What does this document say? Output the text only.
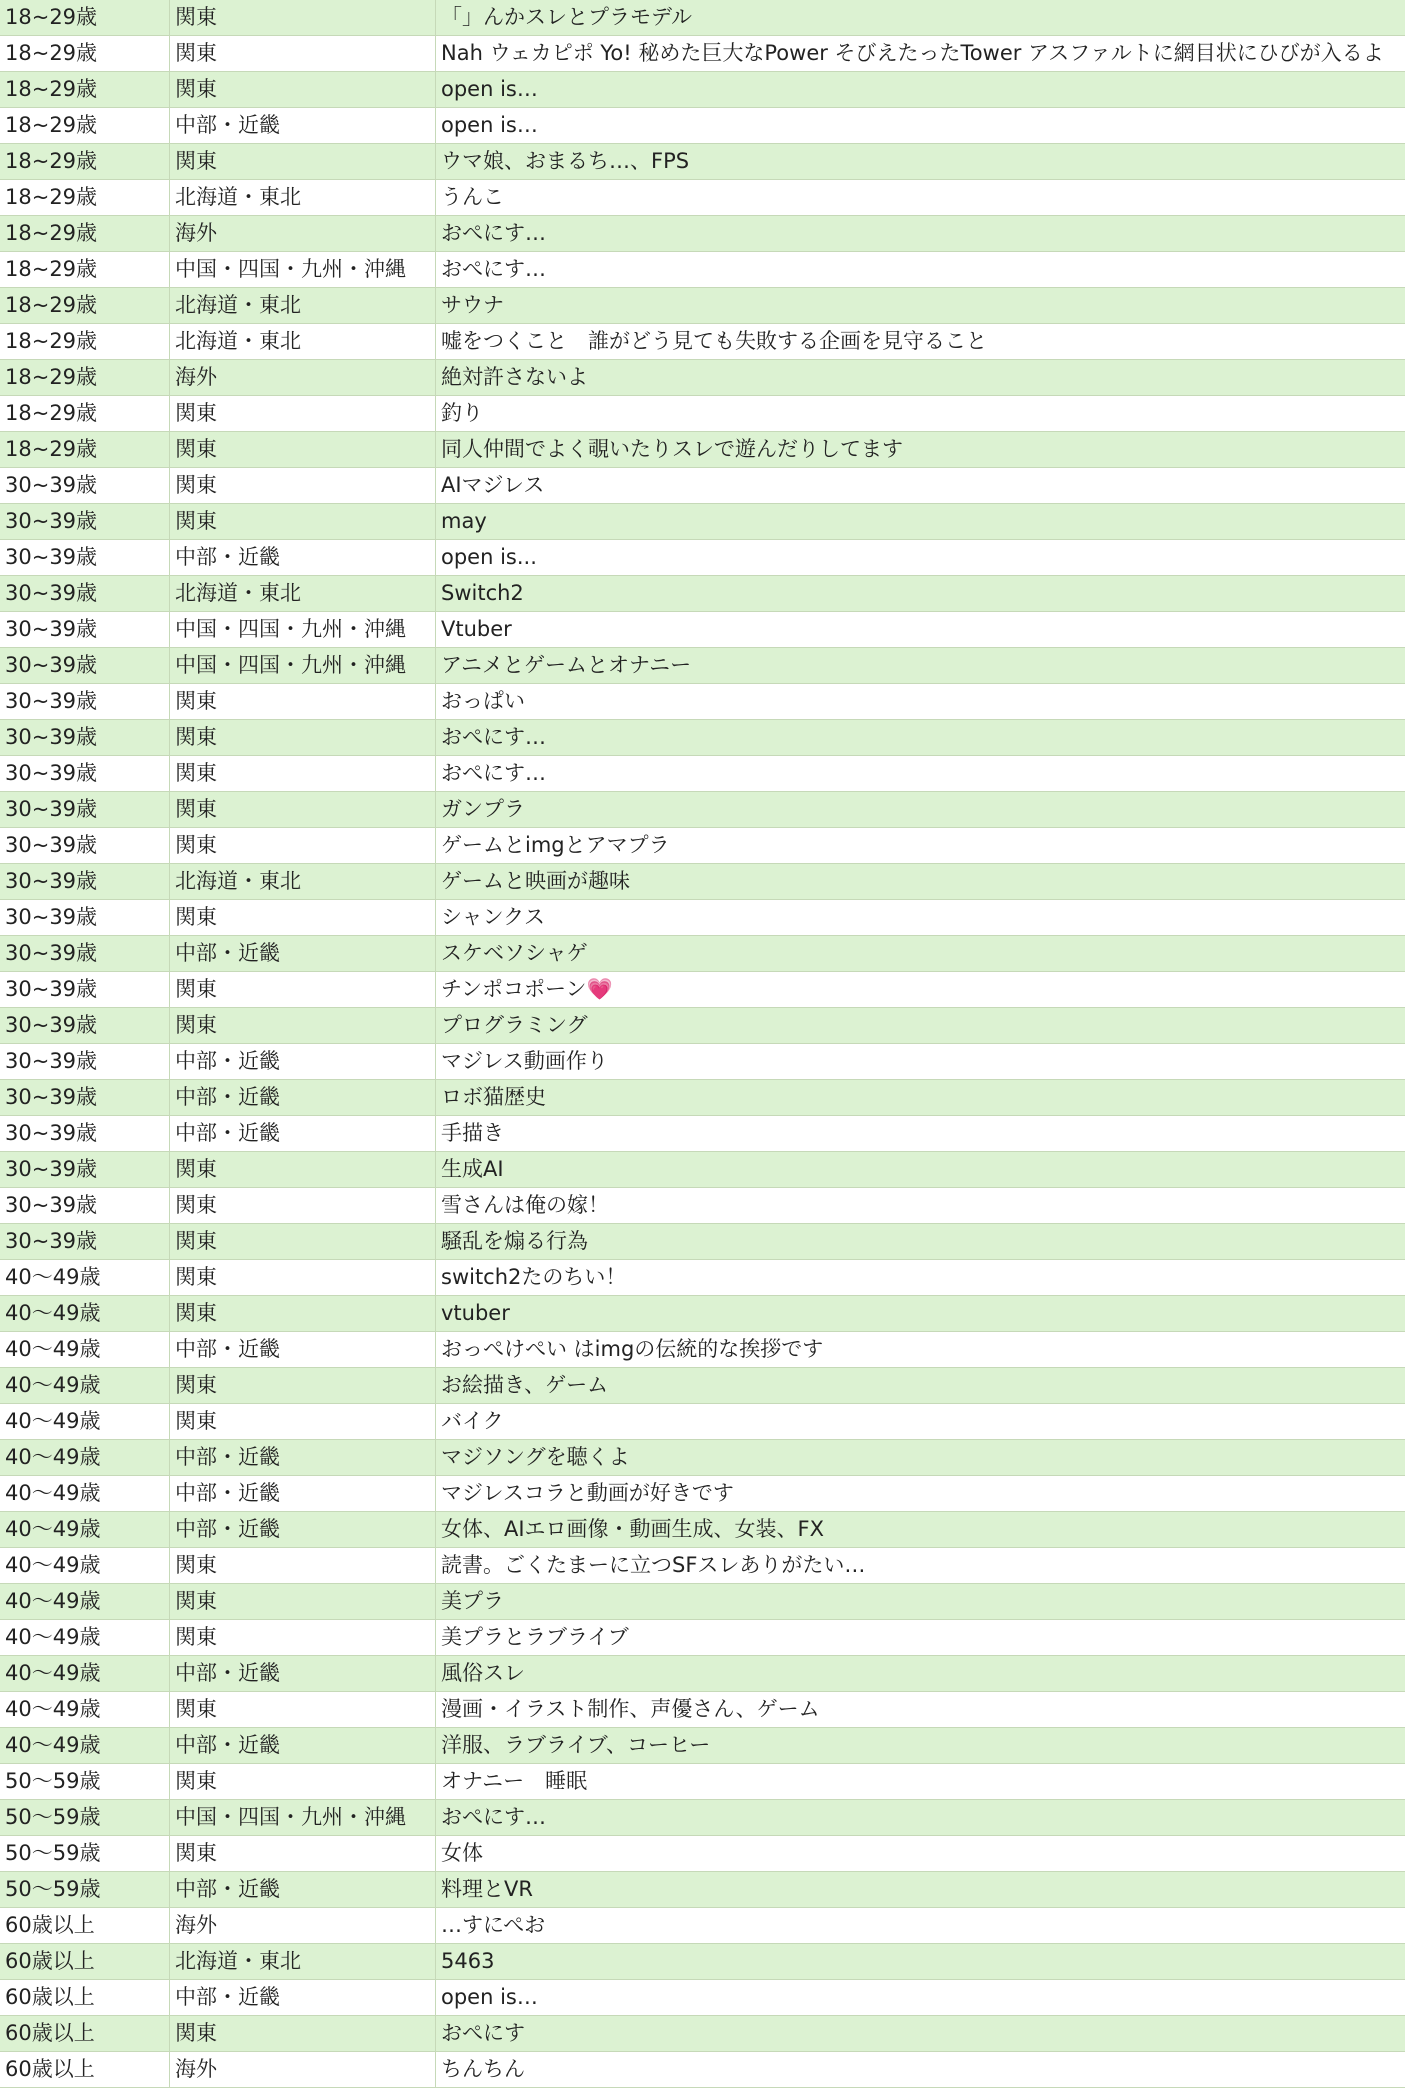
18~29歳	関東	「」んかスレとプラモデル
18~29歳	関東	Nah ウェカピポ Yo! 秘めた巨大なPower そびえたったTower アスファルトに網目状にひびが入るよ
18~29歳	関東	open is…
18~29歳	中部・近畿	open is…
18~29歳	関東	ウマ娘、おまるち…、FPS
18~29歳	北海道・東北	うんこ
18~29歳	海外	おぺにす…
18~29歳	中国・四国・九州・沖縄	おぺにす…
18~29歳	北海道・東北	サウナ
18~29歳	北海道・東北	嘘をつくこと　誰がどう見ても失敗する企画を見守ること
18~29歳	海外	絶対許さないよ
18~29歳	関東	釣り
18~29歳	関東	同人仲間でよく覗いたりスレで遊んだりしてます
30~39歳	関東	AIマジレス
30~39歳	関東	may
30~39歳	中部・近畿	open is...
30~39歳	北海道・東北	Switch2
30~39歳	中国・四国・九州・沖縄	Vtuber
30~39歳	中国・四国・九州・沖縄	アニメとゲームとオナニー
30~39歳	関東	おっぱい
30~39歳	関東	おぺにす…
30~39歳	関東	おぺにす…
30~39歳	関東	ガンプラ
30~39歳	関東	ゲームとimgとアマプラ
30~39歳	北海道・東北	ゲームと映画が趣味
30~39歳	関東	シャンクス
30~39歳	中部・近畿	スケベソシャゲ
30~39歳	関東	チンポコポーン💗
30~39歳	関東	プログラミング
30~39歳	中部・近畿	マジレス動画作り
30~39歳	中部・近畿	ロボ猫歴史
30~39歳	中部・近畿	手描き
30~39歳	関東	生成AI
30~39歳	関東	雪さんは俺の嫁！
30~39歳	関東	騒乱を煽る行為
40～49歳	関東	switch2たのちい！
40～49歳	関東	vtuber
40～49歳	中部・近畿	おっぺけぺい はimgの伝統的な挨拶です
40～49歳	関東	お絵描き、ゲーム
40～49歳	関東	バイク
40～49歳	中部・近畿	マジソングを聴くよ
40～49歳	中部・近畿	マジレスコラと動画が好きです
40～49歳	中部・近畿	女体、AIエロ画像・動画生成、女装、FX
40～49歳	関東	読書。ごくたまーに立つSFスレありがたい…
40～49歳	関東	美プラ
40～49歳	関東	美プラとラブライブ
40～49歳	中部・近畿	風俗スレ
40～49歳	関東	漫画・イラスト制作、声優さん、ゲーム
40～49歳	中部・近畿	洋服、ラブライブ、コーヒー
50～59歳	関東	オナニー　睡眠
50～59歳	中国・四国・九州・沖縄	おぺにす…
50～59歳	関東	女体
50～59歳	中部・近畿	料理とVR
60歳以上	海外	…すにぺお
60歳以上	北海道・東北	5463
60歳以上	中部・近畿	open is…
60歳以上	関東	おぺにす
60歳以上	海外	ちんちん
